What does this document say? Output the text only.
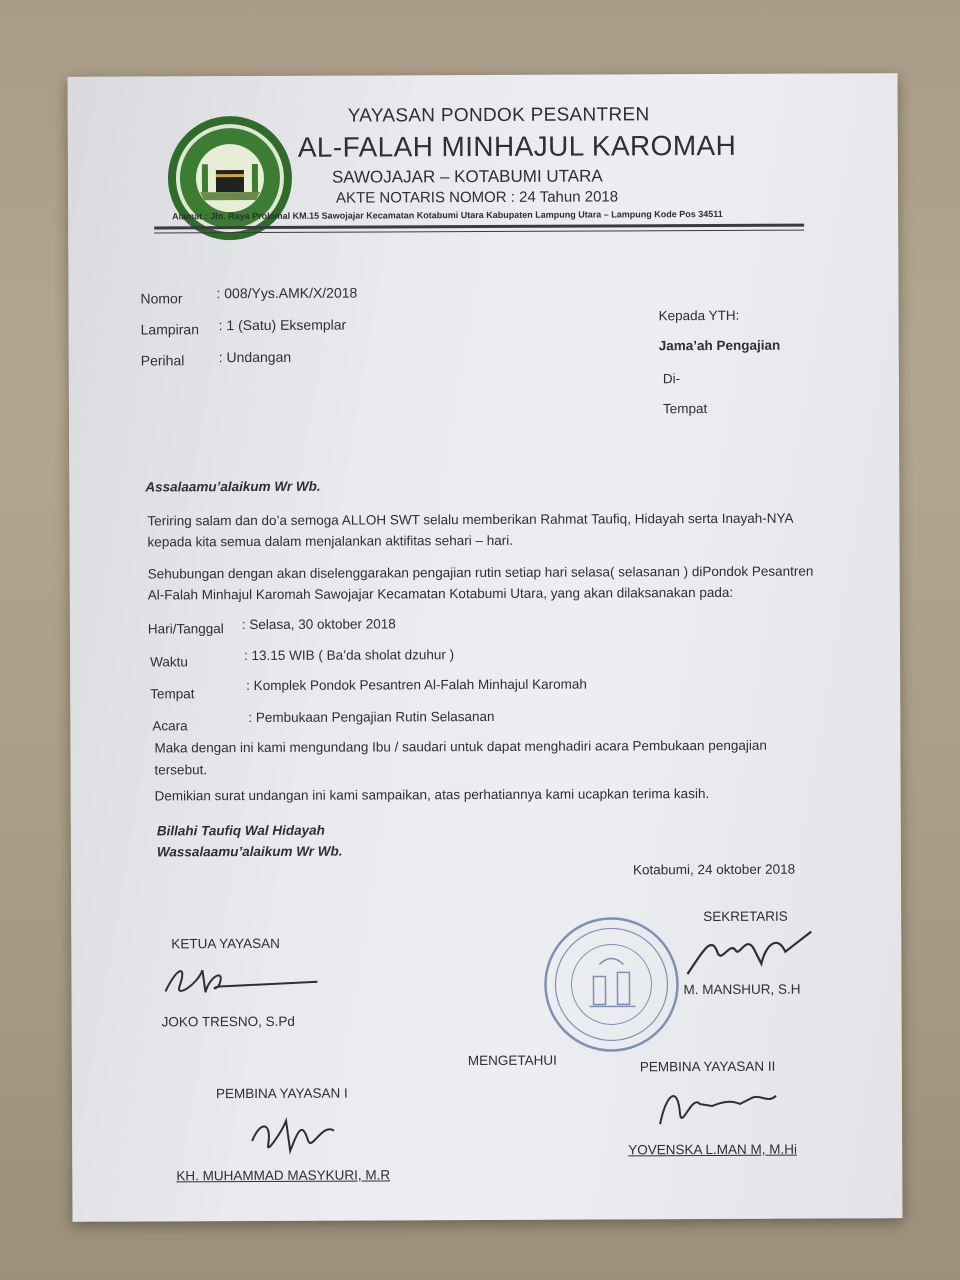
YAYASAN PONDOK PESANTREN
AL-FALAH MINHAJUL KAROMAH
SAWOJAJAR – KOTABUMI UTARA
AKTE NOTARIS NOMOR : 24 Tahun 2018
Alamat : Jln. Raya Prokimal KM.15 Sawojajar Kecamatan Kotabumi Utara Kabupaten Lampung Utara – Lampung Kode Pos 34511
Nomor : 008/Yys.AMK/X/2018
Lampiran : 1 (Satu) Eksemplar
Perihal : Undangan
Kepada YTH:
Jama’ah Pengajian
Di-
Tempat
Assalaamu’alaikum Wr Wb.
Teriring salam dan do’a semoga ALLOH SWT selalu memberikan Rahmat Taufiq, Hidayah serta Inayah-NYA
kepada kita semua dalam menjalankan aktifitas sehari – hari.
Sehubungan dengan akan diselenggarakan pengajian rutin setiap hari selasa( selasanan ) diPondok Pesantren
Al-Falah Minhajul Karomah Sawojajar Kecamatan Kotabumi Utara, yang akan dilaksanakan pada:
Hari/Tanggal : Selasa, 30 oktober 2018
Waktu	: 13.15 WIB ( Ba’da sholat dzuhur )
Tempat
: Komplek Pondok Pesantren Al-Falah Minhajul Karomah
Acara
: Pembukaan Pengajian Rutin Selasanan
Maka dengan ini kami mengundang Ibu / saudari untuk dapat menghadiri acara Pembukaan pengajian
tersebut.
Demikian surat undangan ini kami sampaikan, atas perhatiannya kami ucapkan terima kasih.
Billahi Taufiq Wal Hidayah
Wassalaamu’alaikum Wr Wb.
Kotabumi, 24 oktober 2018
KETUA YAYASAN
JOKO TRESNO, S.Pd
SEKRETARIS
M. MANSHUR, S.H
MENGETAHUI
PEMBINA YAYASAN I
KH. MUHAMMAD MASYKURI, M.R
PEMBINA YAYASAN II
YOVENSKA L.MAN M, M.Hi
